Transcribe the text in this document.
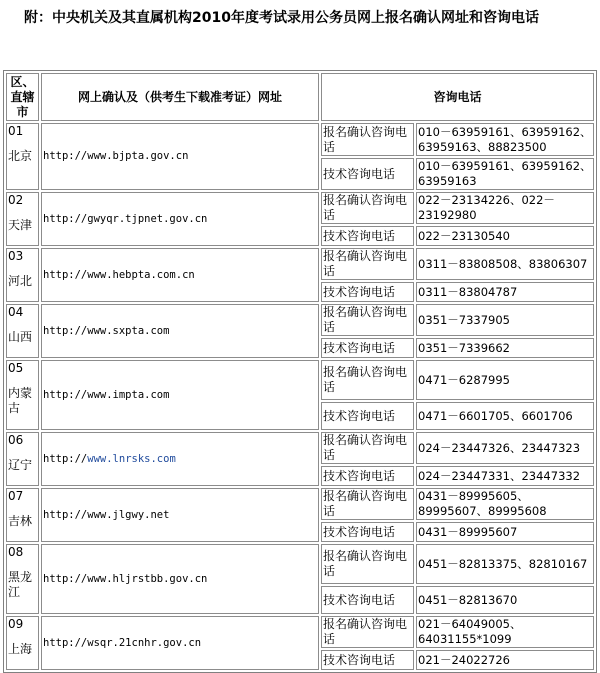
附：中央机关及其直属机构2010年度考试录用公务员网上报名确认网址和咨询电话
区、直辖市	网上确认及（供考生下载准考证）网址	咨询电话	

01
北京	http://www.bjpta.gov.cn	报名确认咨询电话	010－63959161、63959162、63959163、88823500
		技术咨询电话	010－63959161、63959162、63959163

02
天津	http://gwyqr.tjpnet.gov.cn	报名确认咨询电话	022－23134226、022－23192980
		技术咨询电话	022－23130540

03
河北	http://www.hebpta.com.cn	报名确认咨询电话	0311－83808508、83806307
		技术咨询电话	0311－83804787

04
山西	http://www.sxpta.com	报名确认咨询电话	0351－7337905
		技术咨询电话	0351－7339662

05
内蒙古	http://www.impta.com	报名确认咨询电话	0471－6287995
		技术咨询电话	0471－6601705、6601706

06
辽宁	http://www.lnrsks.com	报名确认咨询电话	024－23447326、23447323
		技术咨询电话	024－23447331、23447332

07
吉林	http://www.jlgwy.net	报名确认咨询电话	0431－89995605、89995607、89995608
		技术咨询电话	0431－89995607

08
黑龙江	http://www.hljrstbb.gov.cn	报名确认咨询电话	0451－82813375、82810167
		技术咨询电话	0451－82813670

09
上海	http://wsqr.21cnhr.gov.cn	报名确认咨询电话	021－64049005、64031155*1099
		技术咨询电话	021－24022726
